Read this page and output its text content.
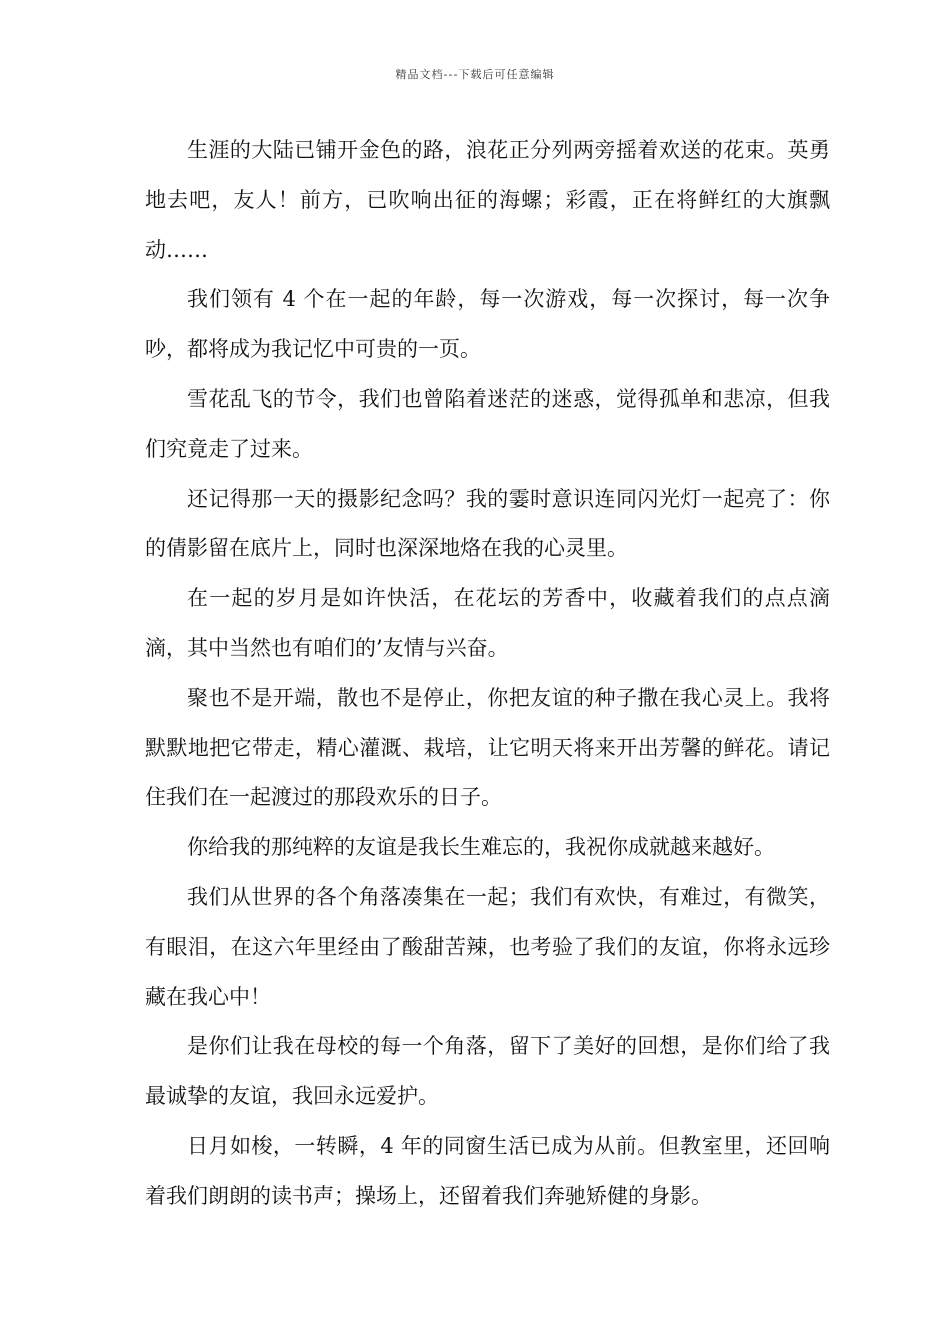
精品文档---下载后可任意编辑

生涯的大陆已铺开金色的路，浪花正分列两旁摇着欢送的花束。英勇地去吧，友人！前方，已吹响出征的海螺；彩霞，正在将鲜红的大旗飘动……

我们领有 4 个在一起的年龄，每一次游戏，每一次探讨，每一次争吵，都将成为我记忆中可贵的一页。

雪花乱飞的节令，我们也曾陷着迷茫的迷惑，觉得孤单和悲凉，但我们究竟走了过来。

还记得那一天的摄影纪念吗？我的霎时意识连同闪光灯一起亮了：你的倩影留在底片上，同时也深深地烙在我的心灵里。

在一起的岁月是如许快活，在花坛的芳香中，收藏着我们的点点滴滴，其中当然也有咱们的’友情与兴奋。

聚也不是开端，散也不是停止，你把友谊的种子撒在我心灵上。我将默默地把它带走，精心灌溉、栽培，让它明天将来开出芳馨的鲜花。请记住我们在一起渡过的那段欢乐的日子。

你给我的那纯粹的友谊是我长生难忘的，我祝你成就越来越好。

我们从世界的各个角落凑集在一起；我们有欢快，有难过，有微笑，有眼泪，在这六年里经由了酸甜苦辣，也考验了我们的友谊，你将永远珍藏在我心中！

是你们让我在母校的每一个角落，留下了美好的回想，是你们给了我最诚挚的友谊，我回永远爱护。

日月如梭，一转瞬，4 年的同窗生活已成为从前。但教室里，还回响着我们朗朗的读书声；操场上，还留着我们奔驰矫健的身影。
